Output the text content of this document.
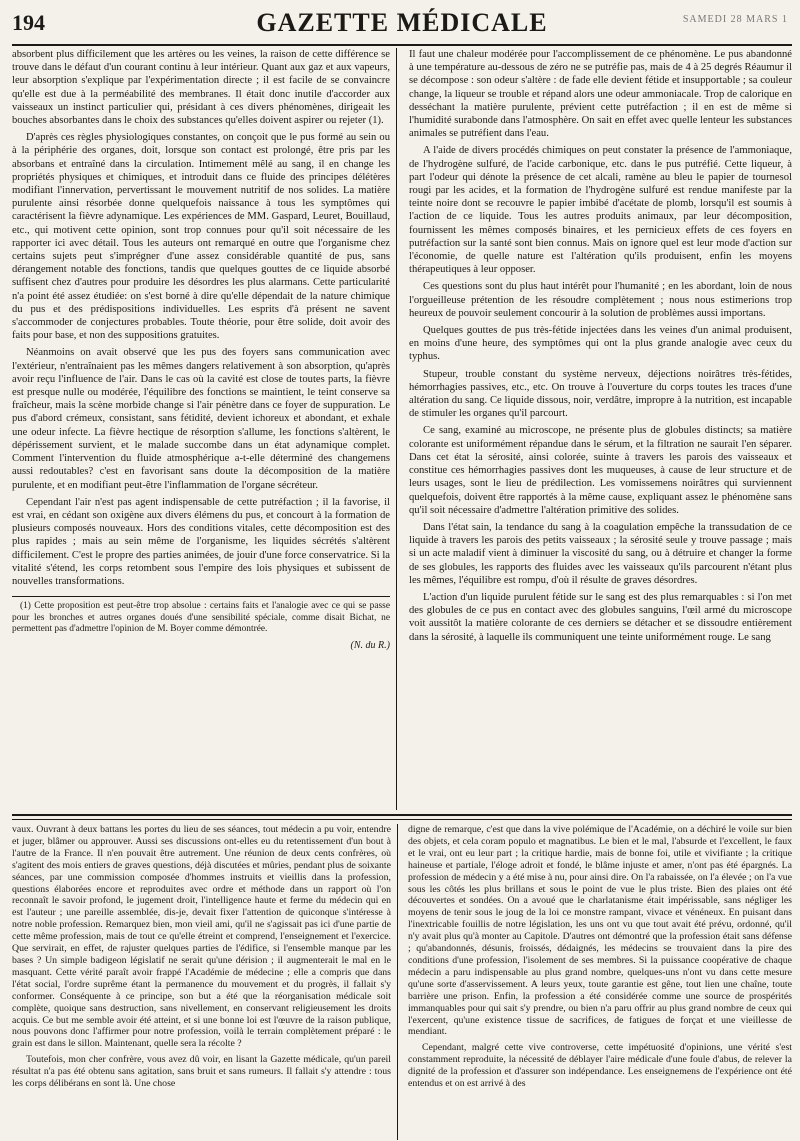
194	GAZETTE MÉDICALE	SAMEDI 28 MARS 1

absorbent plus difficilement que les artères ou les veines, la raison de cette différence se trouve dans le défaut d'un courant continu à leur intérieur. Quant aux gaz et aux vapeurs, leur absorption s'explique par l'expérimentation directe ; il est facile de se convaincre qu'elle est due à la perméabilité des membranes. Il était donc inutile d'accorder aux vaisseaux un instinct particulier qui, présidant à ces divers phénomènes, dirigeait les bouches absorbantes dans le choix des substances qu'elles doivent aspirer ou rejeter (1).

D'après ces règles physiologiques constantes, on conçoit que le pus formé au sein ou à la périphérie des organes, doit, lorsque son contact est prolongé, être pris par les absorbans et entraîné dans la circulation. Intimement mêlé au sang, il en change les propriétés physiques et chimiques, et introduit dans ce fluide des principes délétères modifiant l'innervation, pervertissant le mouvement nutritif de nos solides. La matière purulente ainsi résorbée donne quelquefois naissance à tous les symptômes qui caractérisent la fièvre adynamique. Les expériences de MM. Gaspard, Leuret, Bouillaud, etc., qui motivent cette opinion, sont trop connues pour qu'il soit nécessaire de les rapporter ici avec détail. Tous les auteurs ont remarqué en outre que l'organisme chez certains sujets peut s'imprégner d'une assez considérable quantité de pus, sans dérangement notable des fonctions, tandis que quelques gouttes de ce liquide absorbé suffisent chez d'autres pour produire les désordres les plus alarmans. Cette particularité n'a point été assez étudiée: on s'est borné à dire qu'elle dépendait de la nature chimique du pus et des prédispositions individuelles. Les esprits d'à présent ne savent s'accommoder de conjectures probables. Toute théorie, pour être solide, doit avoir des faits pour base, et non des suppositions gratuites.

Néanmoins on avait observé que les pus des foyers sans communication avec l'extérieur, n'entraînaient pas les mêmes dangers relativement à son absorption, qu'après avoir reçu l'influence de l'air. Dans le cas où la cavité est close de toutes parts, la fièvre est presque nulle ou modérée, l'équilibre des fonctions se maintient, le teint conserve sa fraîcheur, mais la scène morbide change si l'air pénètre dans ce foyer de suppuration. Le pus d'abord crémeux, consistant, sans fétidité, devient ichoreux et abondant, et exhale une odeur infecte. La fièvre hectique de résorption s'allume, les fonctions s'altèrent, le dépérissement survient, et le malade succombe dans un état adynamique complet. Comment l'intervention du fluide atmosphérique a-t-elle déterminé des changemens aussi redoutables? c'est en favorisant sans doute la décomposition de la matière purulente, et en modifiant peut-être l'inflammation de l'organe sécréteur.

Cependant l'air n'est pas agent indispensable de cette putréfaction ; il la favorise, il est vrai, en cédant son oxigène aux divers élémens du pus, et concourt à la formation de plusieurs composés nouveaux. Hors des conditions vitales, cette décomposition est des plus rapides ; mais au sein même de l'organisme, les liquides sécrétés s'altèrent difficilement. C'est le propre des parties animées, de jouir d'une force conservatrice. Si la vitalité s'étend, les corps retombent sous l'empire des lois physiques et subissent de nouvelles transformations.

(1) Cette proposition est peut-être trop absolue : certains faits et l'analogie avec ce qui se passe pour les bronches et autres organes doués d'une sensibilité spéciale, comme disait Bichat, ne permettent pas d'admettre l'opinion de M. Boyer comme démontrée.

(N. du R.)

Il faut une chaleur modérée pour l'accomplissement de ce phénomène. Le pus abandonné à une température au-dessous de zéro ne se putréfie pas, mais de 4 à 25 degrés Réaumur il se décompose : son odeur s'altère : de fade elle devient fétide et insupportable ; sa couleur change, la liqueur se trouble et répand alors une odeur ammoniacale. Trop de calorique en desséchant la matière purulente, prévient cette putréfaction ; il en est de même si l'humidité surabonde dans l'atmosphère. On sait en effet avec quelle lenteur les substances animales se putréfient dans l'eau.

A l'aide de divers procédés chimiques on peut constater la présence de l'ammoniaque, de l'hydrogène sulfuré, de l'acide carbonique, etc. dans le pus putréfié. Cette liqueur, à part l'odeur qui dénote la présence de cet alcali, ramène au bleu le papier de tournesol rougi par les acides, et la formation de l'hydrogène sulfuré est rendue manifeste par la teinte noire dont se recouvre le papier imbibé d'acétate de plomb, lorsqu'il est soumis à l'action de ce liquide. Tous les autres produits animaux, par leur décomposition, fournissent les mêmes composés binaires, et les pernicieux effets de ces foyers en putréfaction sur la santé sont bien connus. Mais on ignore quel est leur mode d'action sur l'économie, de quelle nature est l'altération qu'ils produisent, enfin les moyens thérapeutiques à leur opposer.

Ces questions sont du plus haut intérêt pour l'humanité ; en les abordant, loin de nous l'orgueilleuse prétention de les résoudre complètement ; nous nous estimerions trop heureux de pouvoir seulement concourir à la solution de problèmes aussi importans.

Quelques gouttes de pus très-fétide injectées dans les veines d'un animal produisent, en moins d'une heure, des symptômes qui ont la plus grande analogie avec ceux du typhus.

Stupeur, trouble constant du système nerveux, déjections noirâtres très-fétides, hémorrhagies passives, etc., etc. On trouve à l'ouverture du corps toutes les traces d'une altération du sang. Ce liquide dissous, noir, verdâtre, impropre à la nutrition, est incapable de stimuler les organes qu'il parcourt.

Ce sang, examiné au microscope, ne présente plus de globules distincts; sa matière colorante est uniformément répandue dans le sérum, et la filtration ne saurait l'en séparer. Dans cet état la sérosité, ainsi colorée, suinte à travers les parois des vaisseaux et constitue ces hémorrhagies passives dont les muqueuses, à cause de leur structure et de leurs usages, sont le lieu de prédilection. Les vomissemens noirâtres qui surviennent quelquefois, doivent être rapportés à la même cause, expliquant assez le phénomène sans qu'il soit nécessaire d'admettre l'altération primitive des solides.

Dans l'état sain, la tendance du sang à la coagulation empêche la transsudation de ce liquide à travers les parois des petits vaisseaux ; la sérosité seule y trouve passage ; mais si un acte maladif vient à diminuer la viscosité du sang, ou à détruire et changer la forme de ses globules, les rapports des fluides avec les vaisseaux qu'ils parcourent n'étant plus les mêmes, l'équilibre est rompu, d'où il résulte de graves désordres.

L'action d'un liquide purulent fétide sur le sang est des plus remarquables : si l'on met des globules de ce pus en contact avec des globules sanguins, l'œil armé du microscope voit aussitôt la matière colorante de ces derniers se détacher et se dissoudre entièrement dans la sérosité, à laquelle ils communiquent une teinte uniformément rouge. Le sang

vaux. Ouvrant à deux battans les portes du lieu de ses séances, tout médecin a pu voir, entendre et juger, blâmer ou approuver. Aussi ses discussions ont-elles eu du retentissement d'un bout à l'autre de la France. Il n'en pouvait être autrement. Une réunion de deux cents confrères, où s'agitent des mois entiers de graves questions, déjà discutées et mûries, pendant plus de soixante séances, par une commission composée d'hommes instruits et vieillis dans la profession, questions élaborées encore et reproduites avec ordre et méthode dans un rapport où l'on reconnaît le savoir profond, le jugement droit, l'intelligence haute et ferme du médecin qui en est l'auteur ; une pareille assemblée, dis-je, devait fixer l'attention de quiconque s'intéresse à notre noble profession. Remarquez bien, mon vieil ami, qu'il ne s'agissait pas ici d'une partie de cette même profession, mais de tout ce qu'elle étreint et comprend, l'enseignement et l'exercice. Que servirait, en effet, de rajuster quelques parties de l'édifice, si l'ensemble manque par les bases ? Un simple badigeon législatif ne serait qu'une dérision ; il augmenterait le mal en le masquant. Cette vérité paraît avoir frappé l'Académie de médecine ; elle a compris que dans l'état social, l'ordre suprême étant la permanence du mouvement et du progrès, il fallait s'y conformer. Conséquente à ce principe, son but a été que la réorganisation médicale soit complète, quoique sans destruction, sans nivellement, en conservant religieusement les droits acquis. Ce but me semble avoir été atteint, et si une bonne loi est l'œuvre de la raison publique, nous pouvons donc l'affirmer pour notre profession, voilà le terrain complètement préparé : le grain est dans le sillon. Maintenant, quelle sera la récolte ?

Toutefois, mon cher confrère, vous avez dû voir, en lisant la Gazette médicale, qu'un pareil résultat n'a pas été obtenu sans agitation, sans bruit et sans rumeurs. Il fallait s'y attendre : tous les corps délibérans en sont là. Une chose

digne de remarque, c'est que dans la vive polémique de l'Académie, on a déchiré le voile sur bien des objets, et cela coram populo et magnatibus. Le bien et le mal, l'absurde et l'excellent, le faux et le vrai, ont eu leur part ; la critique hardie, mais de bonne foi, utile et vivifiante ; la critique haineuse et partiale, l'éloge adroit et fondé, le blâme injuste et amer, n'ont pas été épargnés. La profession de médecin y a été mise à nu, pour ainsi dire. On l'a rabaissée, on l'a élevée ; on l'a vue sous les côtés les plus brillans et sous le point de vue le plus triste. Bien des plaies ont été découvertes et sondées. On a avoué que le charlatanisme était impérissable, sans négliger les moyens de tenir sous le joug de la loi ce monstre rampant, vivace et vénéneux. En puisant dans l'inextricable fouillis de notre législation, les uns ont vu que tout avait été prévu, ordonné, qu'il n'y avait plus qu'à monter au Capitole. D'autres ont démontré que la profession était sans défense ; qu'abandonnés, désunis, froissés, dédaignés, les médecins se trouvaient dans la pire des conditions d'une profession, l'isolement de ses membres. Si la puissance coopérative de chaque médecin a paru indispensable au plus grand nombre, quelques-uns n'ont vu dans cette mesure qu'une sorte d'asservissement. A leurs yeux, toute garantie est gêne, tout lien une chaîne, toute barrière une prison. Enfin, la profession a été considérée comme une source de prospérités immanquables pour qui sait s'y prendre, ou bien n'a paru offrir au plus grand nombre de ceux qui l'exercent, qu'une existence tissue de sacrifices, de fatigues de forçat et une vieillesse de mendiant.

Cependant, malgré cette vive controverse, cette impétuosité d'opinions, une vérité s'est constamment reproduite, la nécessité de déblayer l'aire médicale d'une foule d'abus, de relever la dignité de la profession et d'assurer son indépendance. Les enseignemens de l'expérience ont été entendus et on est arrivé à des
